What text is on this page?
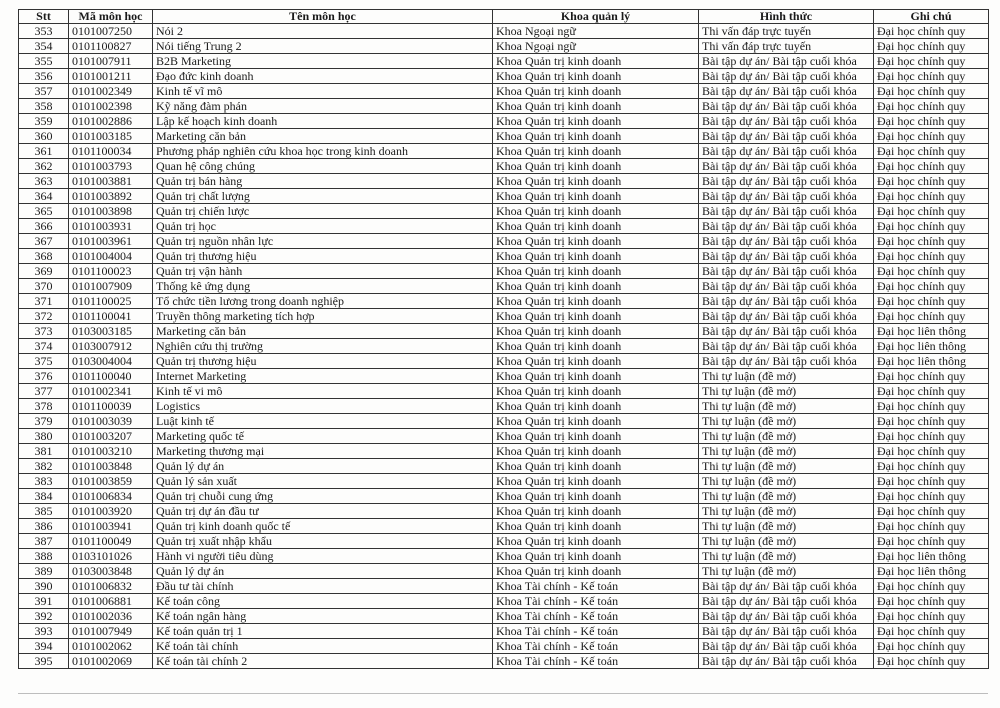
Stt	Mã môn học	Tên môn học	Khoa quản lý	Hình thức	Ghi chú
353	0101007250	Nói 2	Khoa Ngoại ngữ	Thi vấn đáp trực tuyến	Đại học chính quy
354	0101100827	Nói tiếng Trung 2	Khoa Ngoại ngữ	Thi vấn đáp trực tuyến	Đại học chính quy
355	0101007911	B2B Marketing	Khoa Quản trị kinh doanh	Bài tập dự án/ Bài tập cuối khóa	Đại học chính quy
356	0101001211	Đạo đức kinh doanh	Khoa Quản trị kinh doanh	Bài tập dự án/ Bài tập cuối khóa	Đại học chính quy
357	0101002349	Kinh tế vĩ mô	Khoa Quản trị kinh doanh	Bài tập dự án/ Bài tập cuối khóa	Đại học chính quy
358	0101002398	Kỹ năng đàm phán	Khoa Quản trị kinh doanh	Bài tập dự án/ Bài tập cuối khóa	Đại học chính quy
359	0101002886	Lập kế hoạch kinh doanh	Khoa Quản trị kinh doanh	Bài tập dự án/ Bài tập cuối khóa	Đại học chính quy
360	0101003185	Marketing căn bản	Khoa Quản trị kinh doanh	Bài tập dự án/ Bài tập cuối khóa	Đại học chính quy
361	0101100034	Phương pháp nghiên cứu khoa học trong kinh doanh	Khoa Quản trị kinh doanh	Bài tập dự án/ Bài tập cuối khóa	Đại học chính quy
362	0101003793	Quan hệ công chúng	Khoa Quản trị kinh doanh	Bài tập dự án/ Bài tập cuối khóa	Đại học chính quy
363	0101003881	Quản trị bán hàng	Khoa Quản trị kinh doanh	Bài tập dự án/ Bài tập cuối khóa	Đại học chính quy
364	0101003892	Quản trị chất lượng	Khoa Quản trị kinh doanh	Bài tập dự án/ Bài tập cuối khóa	Đại học chính quy
365	0101003898	Quản trị chiến lược	Khoa Quản trị kinh doanh	Bài tập dự án/ Bài tập cuối khóa	Đại học chính quy
366	0101003931	Quản trị học	Khoa Quản trị kinh doanh	Bài tập dự án/ Bài tập cuối khóa	Đại học chính quy
367	0101003961	Quản trị nguồn nhân lực	Khoa Quản trị kinh doanh	Bài tập dự án/ Bài tập cuối khóa	Đại học chính quy
368	0101004004	Quản trị thương hiệu	Khoa Quản trị kinh doanh	Bài tập dự án/ Bài tập cuối khóa	Đại học chính quy
369	0101100023	Quản trị vận hành	Khoa Quản trị kinh doanh	Bài tập dự án/ Bài tập cuối khóa	Đại học chính quy
370	0101007909	Thống kê ứng dụng	Khoa Quản trị kinh doanh	Bài tập dự án/ Bài tập cuối khóa	Đại học chính quy
371	0101100025	Tổ chức tiền lương trong doanh nghiệp	Khoa Quản trị kinh doanh	Bài tập dự án/ Bài tập cuối khóa	Đại học chính quy
372	0101100041	Truyền thông marketing tích hợp	Khoa Quản trị kinh doanh	Bài tập dự án/ Bài tập cuối khóa	Đại học chính quy
373	0103003185	Marketing căn bản	Khoa Quản trị kinh doanh	Bài tập dự án/ Bài tập cuối khóa	Đại học liên thông
374	0103007912	Nghiên cứu thị trường	Khoa Quản trị kinh doanh	Bài tập dự án/ Bài tập cuối khóa	Đại học liên thông
375	0103004004	Quản trị thương hiệu	Khoa Quản trị kinh doanh	Bài tập dự án/ Bài tập cuối khóa	Đại học liên thông
376	0101100040	Internet Marketing	Khoa Quản trị kinh doanh	Thi tự luận (đề mở)	Đại học chính quy
377	0101002341	Kinh tế vi mô	Khoa Quản trị kinh doanh	Thi tự luận (đề mở)	Đại học chính quy
378	0101100039	Logistics	Khoa Quản trị kinh doanh	Thi tự luận (đề mở)	Đại học chính quy
379	0101003039	Luật kinh tế	Khoa Quản trị kinh doanh	Thi tự luận (đề mở)	Đại học chính quy
380	0101003207	Marketing quốc tế	Khoa Quản trị kinh doanh	Thi tự luận (đề mở)	Đại học chính quy
381	0101003210	Marketing thương mại	Khoa Quản trị kinh doanh	Thi tự luận (đề mở)	Đại học chính quy
382	0101003848	Quản lý dự án	Khoa Quản trị kinh doanh	Thi tự luận (đề mở)	Đại học chính quy
383	0101003859	Quản lý sản xuất	Khoa Quản trị kinh doanh	Thi tự luận (đề mở)	Đại học chính quy
384	0101006834	Quản trị chuỗi cung ứng	Khoa Quản trị kinh doanh	Thi tự luận (đề mở)	Đại học chính quy
385	0101003920	Quản trị dự án đầu tư	Khoa Quản trị kinh doanh	Thi tự luận (đề mở)	Đại học chính quy
386	0101003941	Quản trị kinh doanh quốc tế	Khoa Quản trị kinh doanh	Thi tự luận (đề mở)	Đại học chính quy
387	0101100049	Quản trị xuất nhập khẩu	Khoa Quản trị kinh doanh	Thi tự luận (đề mở)	Đại học chính quy
388	0103101026	Hành vi người tiêu dùng	Khoa Quản trị kinh doanh	Thi tự luận (đề mở)	Đại học liên thông
389	0103003848	Quản lý dự án	Khoa Quản trị kinh doanh	Thi tự luận (đề mở)	Đại học liên thông
390	0101006832	Đầu tư tài chính	Khoa Tài chính - Kế toán	Bài tập dự án/ Bài tập cuối khóa	Đại học chính quy
391	0101006881	Kế toán công	Khoa Tài chính - Kế toán	Bài tập dự án/ Bài tập cuối khóa	Đại học chính quy
392	0101002036	Kế toán ngân hàng	Khoa Tài chính - Kế toán	Bài tập dự án/ Bài tập cuối khóa	Đại học chính quy
393	0101007949	Kế toán quản trị 1	Khoa Tài chính - Kế toán	Bài tập dự án/ Bài tập cuối khóa	Đại học chính quy
394	0101002062	Kế toán tài chính	Khoa Tài chính - Kế toán	Bài tập dự án/ Bài tập cuối khóa	Đại học chính quy
395	0101002069	Kế toán tài chính 2	Khoa Tài chính - Kế toán	Bài tập dự án/ Bài tập cuối khóa	Đại học chính quy
